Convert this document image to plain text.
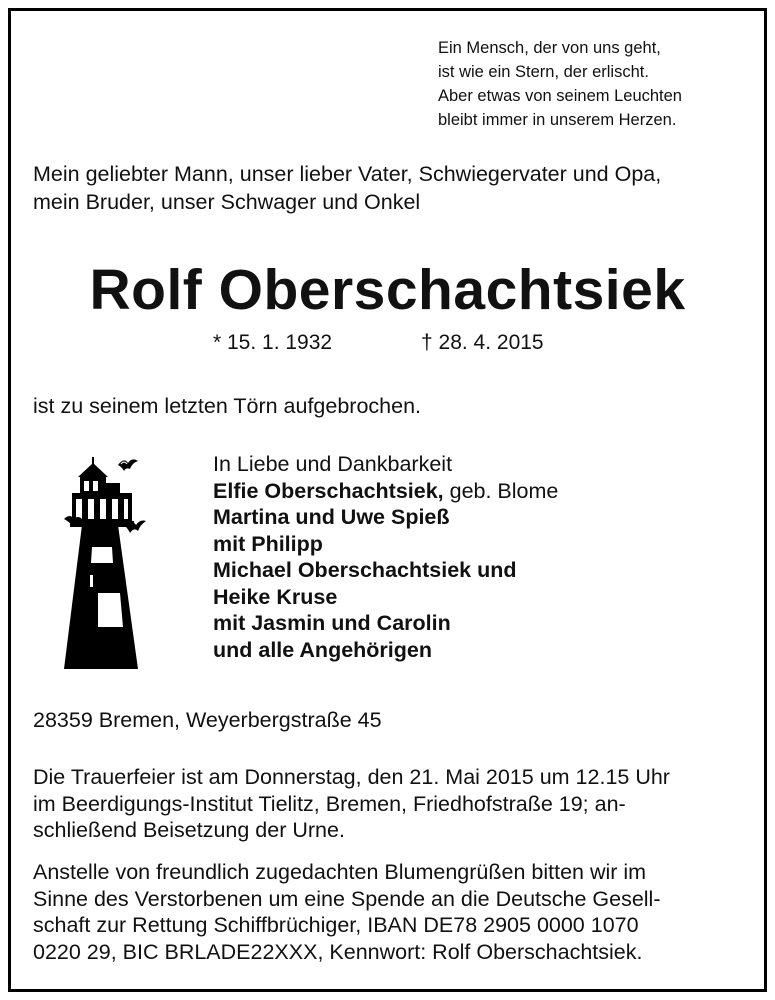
Ein Mensch, der von uns geht,
ist wie ein Stern, der erlischt.
Aber etwas von seinem Leuchten
bleibt immer in unserem Herzen.
Mein geliebter Mann, unser lieber Vater, Schwiegervater und Opa,
mein Bruder, unser Schwager und Onkel
Rolf Oberschachtsiek
* 15. 1. 1932	† 28. 4. 2015
ist zu seinem letzten Törn aufgebrochen.
In Liebe und Dankbarkeit
Elfie Oberschachtsiek, geb. Blome
Martina und Uwe Spieß
mit Philipp
Michael Oberschachtsiek und
Heike Kruse
mit Jasmin und Carolin
und alle Angehörigen
28359 Bremen, Weyerbergstraße 45
Die Trauerfeier ist am Donnerstag, den 21. Mai 2015 um 12.15 Uhr
im Beerdigungs-Institut Tielitz, Bremen, Friedhofstraße 19; an-
schließend Beisetzung der Urne.
Anstelle von freundlich zugedachten Blumengrüßen bitten wir im
Sinne des Verstorbenen um eine Spende an die Deutsche Gesell-
schaft zur Rettung Schiffbrüchiger, IBAN DE78 2905 0000 1070
0220 29, BIC BRLADE22XXX, Kennwort: Rolf Oberschachtsiek.
